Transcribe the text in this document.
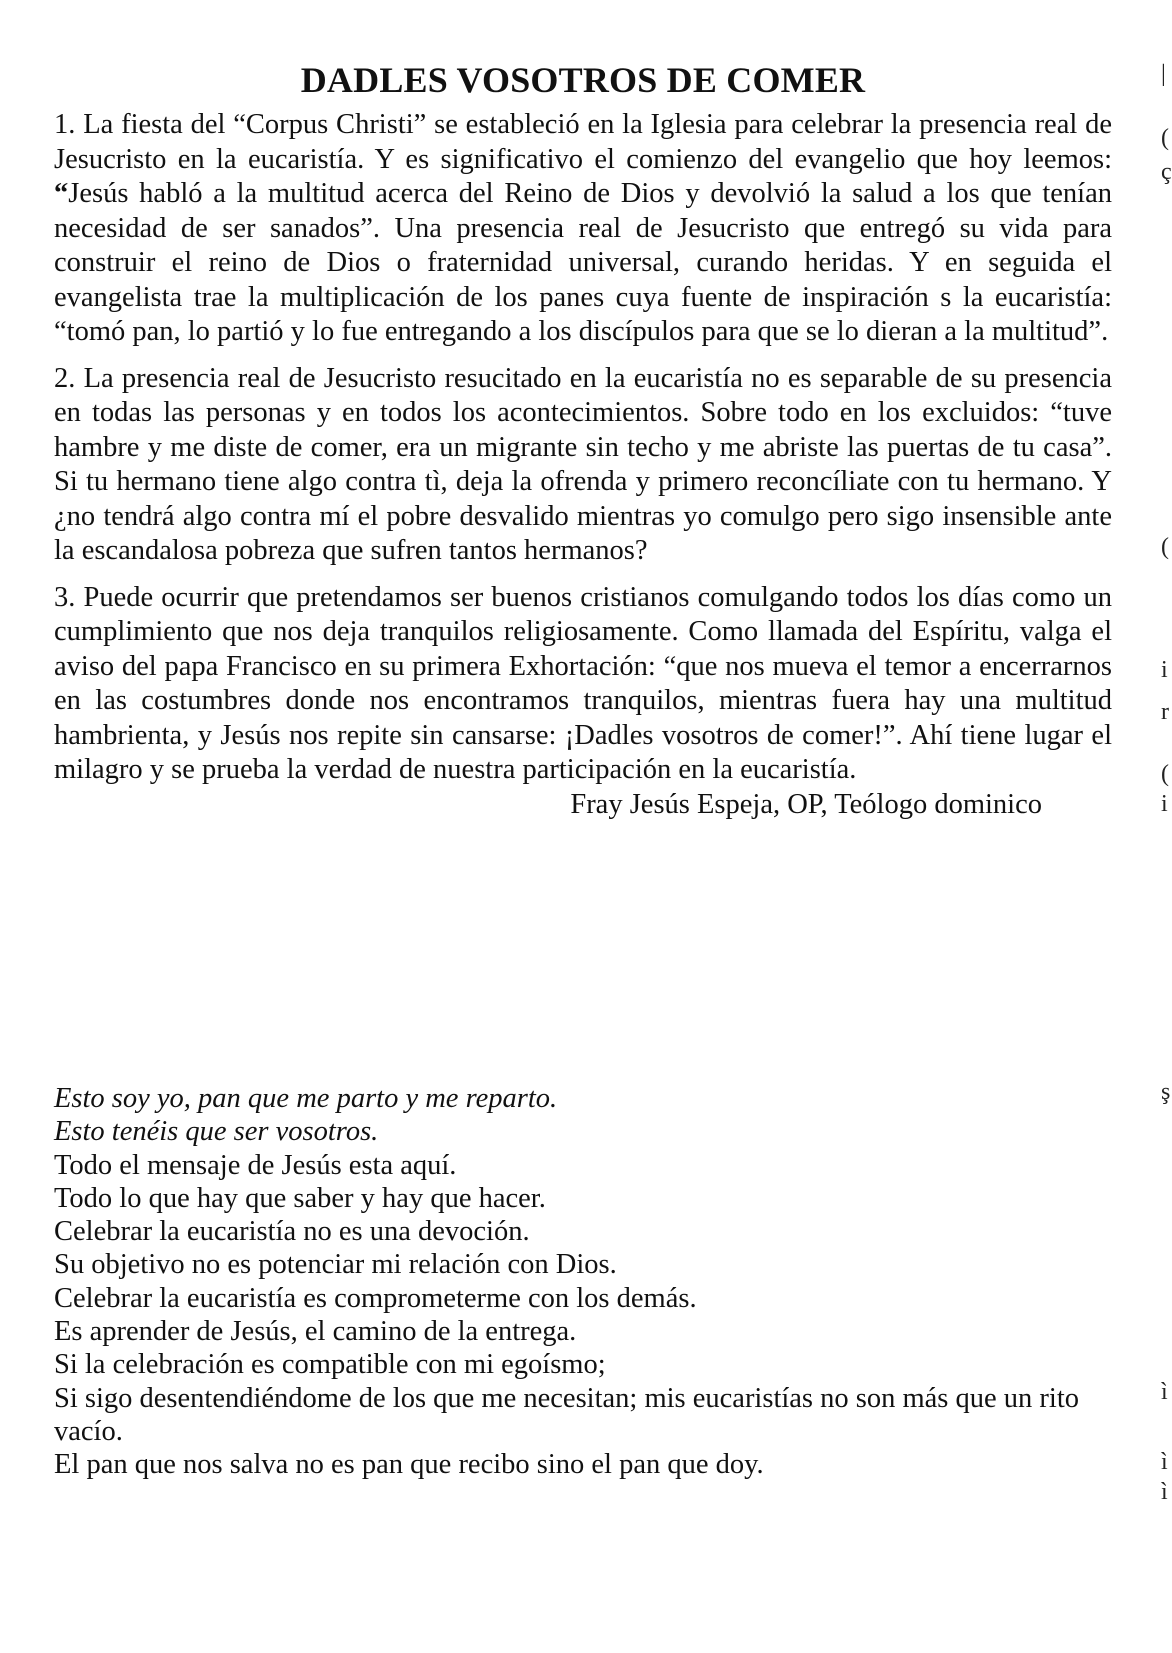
DADLES VOSOTROS DE COMER

1. La fiesta del “Corpus Christi” se estableció en la Iglesia para celebrar la presencia real de Jesucristo en la eucaristía. Y es significativo el comienzo del evangelio que hoy leemos: “Jesús habló a la multitud acerca del Reino de Dios y devolvió la salud a los que tenían necesidad de ser sanados”. Una presencia real de Jesucristo que entregó su vida para construir el reino de Dios o fraternidad universal, curando heridas. Y en seguida el evangelista trae la multiplicación de los panes cuya fuente de inspiración s la eucaristía: “tomó pan, lo partió y lo fue entregando a los discípulos para que se lo dieran a la multitud”.

2. La presencia real de Jesucristo resucitado en la eucaristía no es separable de su presencia en todas las personas y en todos los acontecimientos. Sobre todo en los excluidos: “tuve hambre y me diste de comer, era un migrante sin techo y me abriste las puertas de tu casa”. Si tu hermano tiene algo contra tì, deja la ofrenda y primero reconcíliate con tu hermano. Y ¿no tendrá algo contra mí el pobre desvalido mientras yo comulgo pero sigo insensible ante la escandalosa pobreza que sufren tantos hermanos?

3. Puede ocurrir que pretendamos ser buenos cristianos comulgando todos los días como un cumplimiento que nos deja tranquilos religiosamente. Como llamada del Espíritu, valga el aviso del papa Francisco en su primera Exhortación: “que nos mueva el temor a encerrarnos en las costumbres donde nos encontramos tranquilos, mientras fuera hay una multitud hambrienta, y Jesús nos repite sin cansarse: ¡Dadles vosotros de comer!”. Ahí tiene lugar el milagro y se prueba la verdad de nuestra participación en la eucaristía.

Fray Jesús Espeja, OP, Teólogo dominico

Esto soy yo, pan que me parto y me reparto.
Esto tenéis que ser vosotros.
Todo el mensaje de Jesús esta aquí.
Todo lo que hay que saber y hay que hacer.
Celebrar la eucaristía no es una devoción.
Su objetivo no es potenciar mi relación con Dios.
Celebrar la eucaristía es comprometerme con los demás.
Es aprender de Jesús, el camino de la entrega.
Si la celebración es compatible con mi egoísmo;
Si sigo desentendiéndome de los que me necesitan; mis eucaristías no son más que un rito vacío.
El pan que nos salva no es pan que recibo sino el pan que doy.
|
(
ç
(
i
r
(
i
ş
ì
ì
ì
